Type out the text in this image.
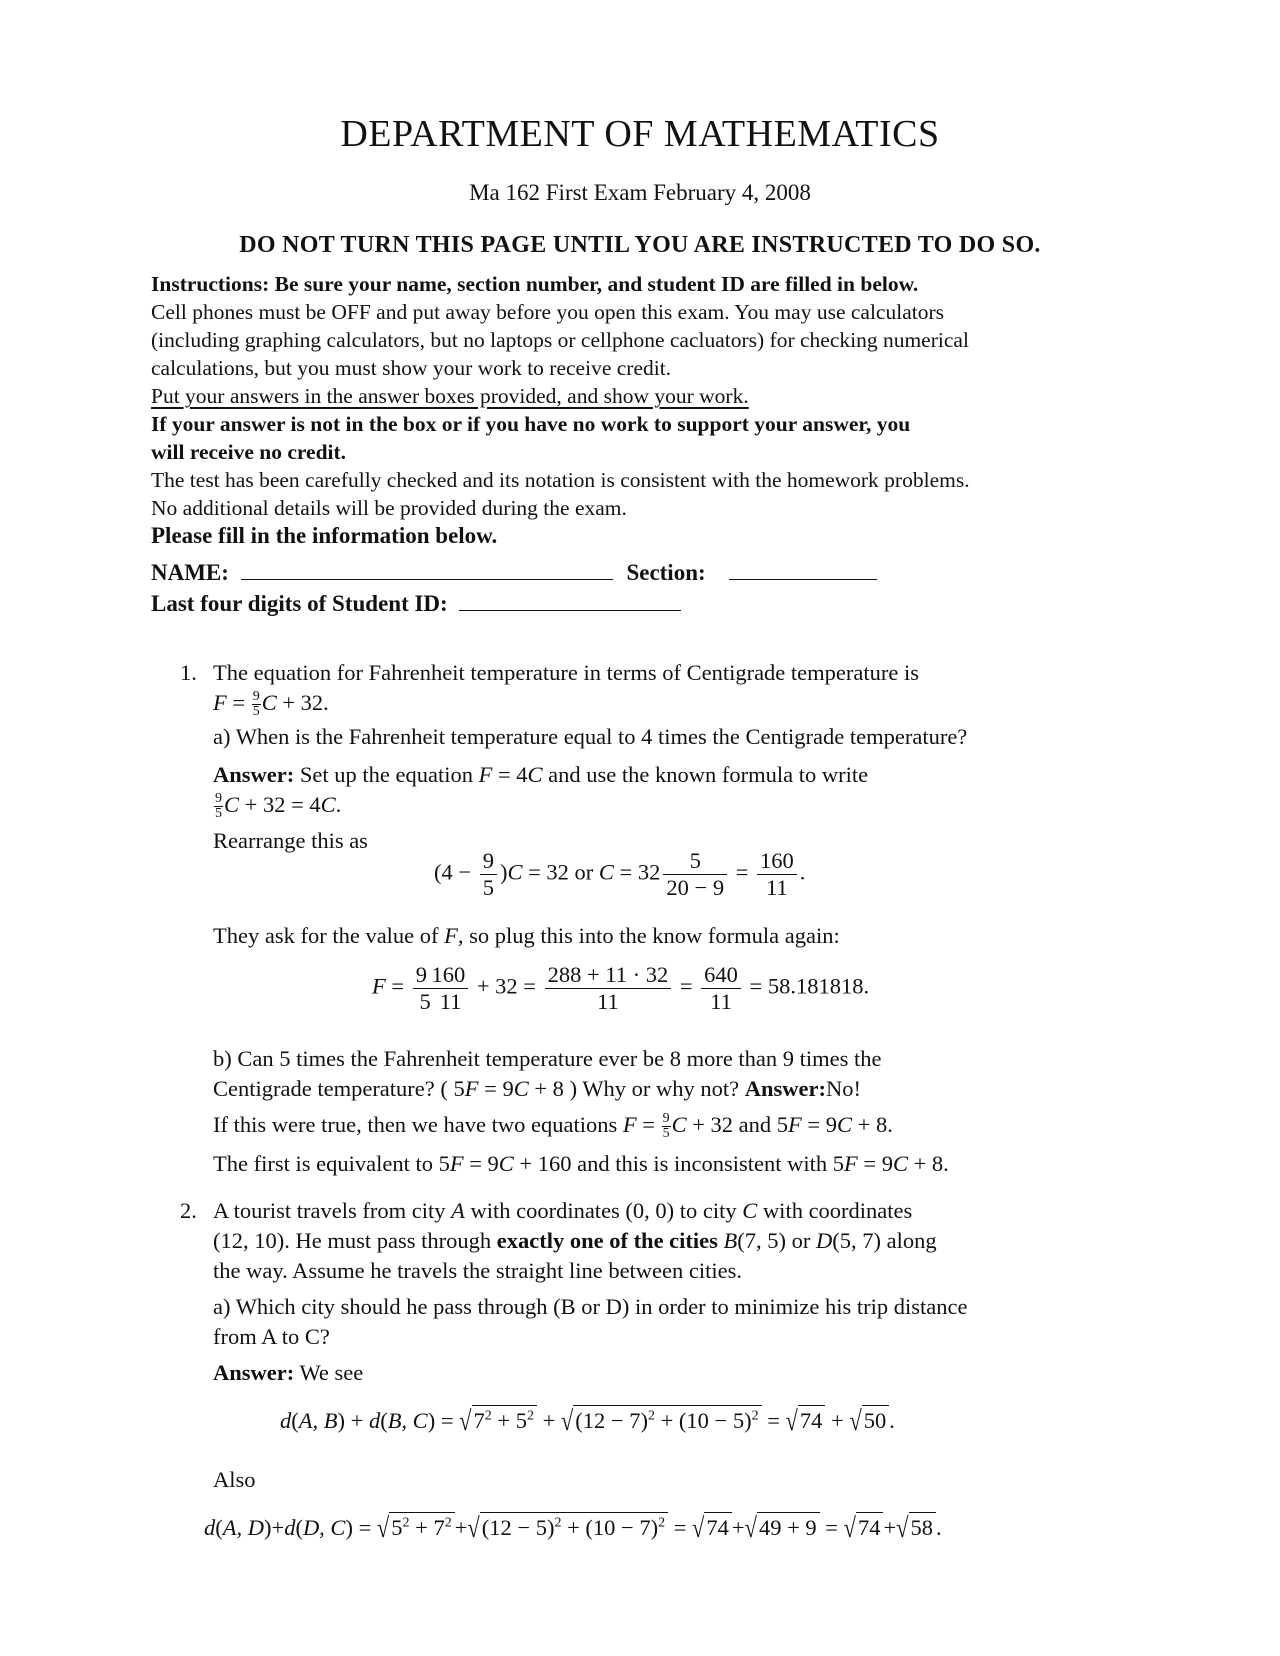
DEPARTMENT OF MATHEMATICS
Ma 162 First Exam February 4, 2008
DO NOT TURN THIS PAGE UNTIL YOU ARE INSTRUCTED TO DO SO.
Instructions: Be sure your name, section number, and student ID are filled in below.
Cell phones must be OFF and put away before you open this exam. You may use calculators
(including graphing calculators, but no laptops or cellphone cacluators) for checking numerical
calculations, but you must show your work to receive credit.
Put your answers in the answer boxes provided, and show your work.
If your answer is not in the box or if you have no work to support your answer, you
will receive no credit.
The test has been carefully checked and its notation is consistent with the homework problems.
No additional details will be provided during the exam.
Please fill in the information below.
NAME:	Section:
Last four digits of Student ID:
1. The equation for Fahrenheit temperature in terms of Centigrade temperature is
$F = \frac{9}{5}$ C + 32.
a) When is the Fahrenheit temperature equal to 4 times the Centigrade temperature?
Answer: Set up the equation F = 4C and use the known formula to write

$\frac{9}{5}$ C + 32 = 4C.
Rearrange this as
$(4 - \frac{9}{5} )C = 32$ or $C = 32 \frac{5}{20 - 9} = \frac{160}{11}$ .
They ask for the value of F, so plug this into the know formula again:
$F = \frac{9 160}{5 11} + 32 = \frac{288 + 11 \cdot 32}{11} = \frac{640}{11} = 58.181818$.
b) Can 5 times the Fahrenheit temperature ever be 8 more than 9 times the
Centigrade temperature? ( 5F = 9C + 8 ) Why or why not? Answer:No!
If this were true, then we have two equations $F = \frac{9}{5}$ C + 32 and 5F = 9C + 8.
The first is equivalent to 5F = 9C + 160 and this is inconsistent with 5F = 9C + 8.
2. A tourist travels from city A with coordinates (0, 0) to city C with coordinates
(12, 10). He must pass through exactly one of the cities B(7, 5) or D(5, 7) along
the way. Assume he travels the straight line between cities.
a) Which city should he pass through (B or D) in order to minimize his trip distance
from A to C?
Answer: We see
d(A, B) + d(B, $C) = √7^2 + 5^2 + √(12 - 7)^2 + (10 - 5)^2 = √74 + √50$ .
Also
d(A, D)+d(D, $C) = √5^2 + 7^2 +√(12 - 5)^2 + (10 - 7)^2 = √74 +√49 + 9 = √74 +√58$ .
